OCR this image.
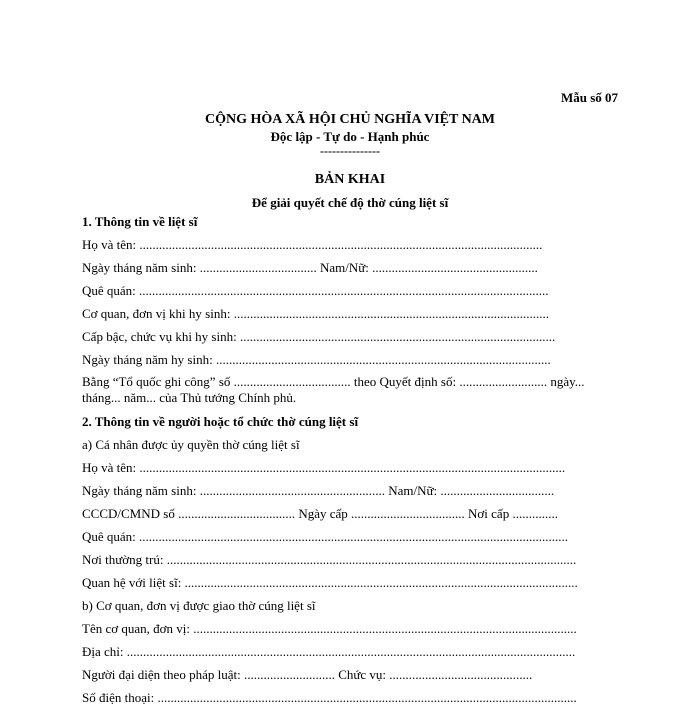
Mẫu số 07
CỘNG HÒA XÃ HỘI CHỦ NGHĨA VIỆT NAM
Độc lập - Tự do - Hạnh phúc
---------------
BẢN KHAI
Để giải quyết chế độ thờ cúng liệt sĩ
1. Thông tin về liệt sĩ
Họ và tên: ............................................................................................................................
Ngày tháng năm sinh: .................................... Nam/Nữ: ...................................................
Quê quán: ..............................................................................................................................
Cơ quan, đơn vị khi hy sinh: .................................................................................................
Cấp bậc, chức vụ khi hy sinh: .................................................................................................
Ngày tháng năm hy sinh: .......................................................................................................
Bằng “Tổ quốc ghi công” số .................................... theo Quyết định số: ........................... ngày...
tháng... năm... của Thủ tướng Chính phủ.
2. Thông tin về người hoặc tổ chức thờ cúng liệt sĩ
a) Cá nhân được ủy quyền thờ cúng liệt sĩ
Họ và tên: ...................................................................................................................................
Ngày tháng năm sinh: ......................................................... Nam/Nữ: ...................................
CCCD/CMND số .................................... Ngày cấp ................................... Nơi cấp ..............
Quê quán: ....................................................................................................................................
Nơi thường trú: ..............................................................................................................................
Quan hệ với liệt sĩ: .........................................................................................................................
b) Cơ quan, đơn vị được giao thờ cúng liệt sĩ
Tên cơ quan, đơn vị: ......................................................................................................................
Địa chỉ: ..........................................................................................................................................
Người đại diện theo pháp luật: ............................ Chức vụ: ............................................
Số điện thoại: .................................................................................................................................
